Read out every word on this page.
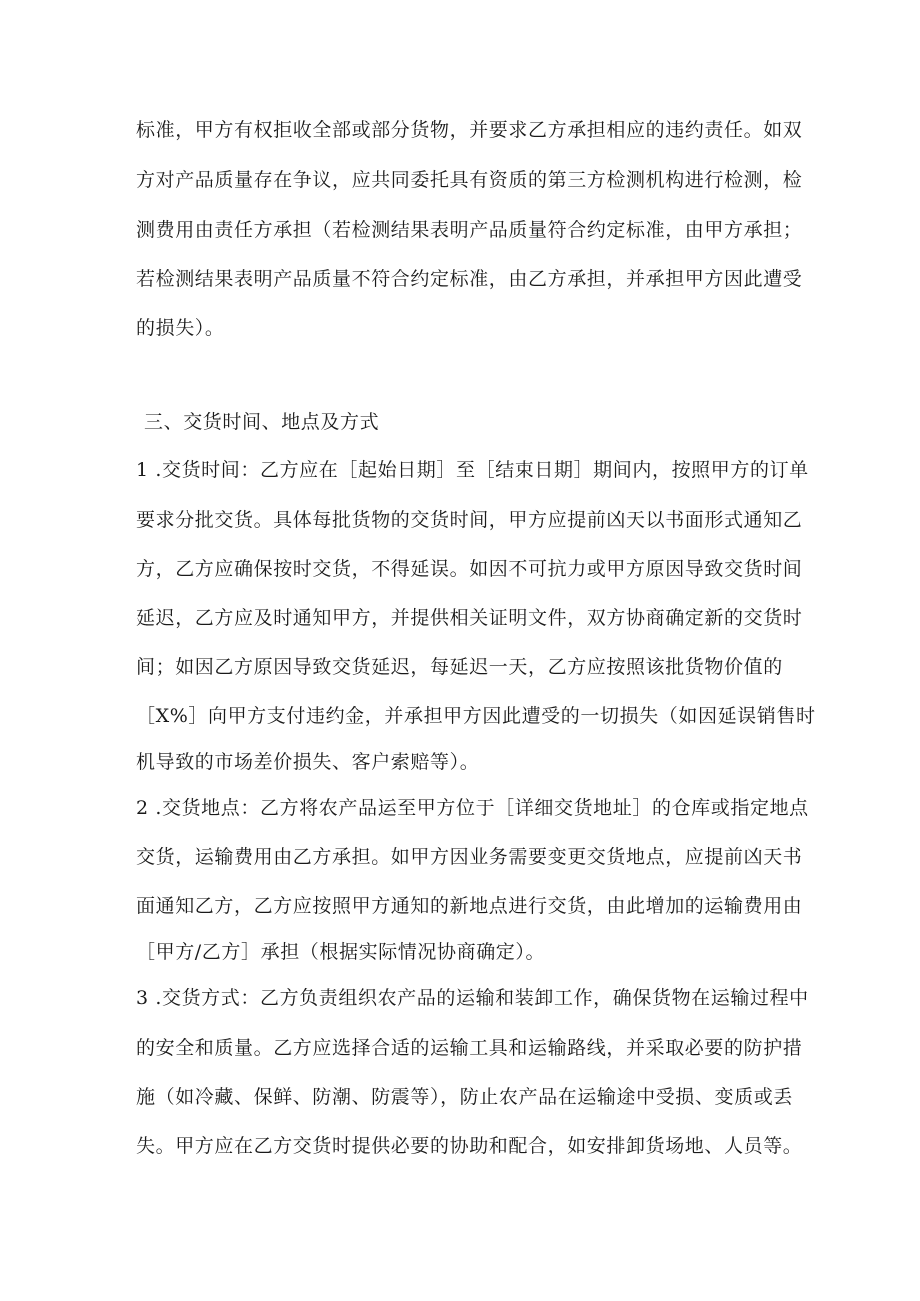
标准，甲方有权拒收全部或部分货物，并要求乙方承担相应的违约责任。如双
方对产品质量存在争议，应共同委托具有资质的第三方检测机构进行检测，检
测费用由责任方承担（若检测结果表明产品质量符合约定标准，由甲方承担；
若检测结果表明产品质量不符合约定标准，由乙方承担，并承担甲方因此遭受
的损失）。
三、交货时间、地点及方式
1 .交货时间：乙方应在［起始日期］至［结束日期］期间内，按照甲方的订单
要求分批交货。具体每批货物的交货时间，甲方应提前凶天以书面形式通知乙
方，乙方应确保按时交货，不得延误。如因不可抗力或甲方原因导致交货时间
延迟，乙方应及时通知甲方，并提供相关证明文件，双方协商确定新的交货时
间；如因乙方原因导致交货延迟，每延迟一天，乙方应按照该批货物价值的
［X%］向甲方支付违约金，并承担甲方因此遭受的一切损失（如因延误销售时
机导致的市场差价损失、客户索赔等）。
2 .交货地点：乙方将农产品运至甲方位于［详细交货地址］的仓库或指定地点
交货，运输费用由乙方承担。如甲方因业务需要变更交货地点，应提前凶天书
面通知乙方，乙方应按照甲方通知的新地点进行交货，由此增加的运输费用由
［甲方/乙方］承担（根据实际情况协商确定）。
3 .交货方式：乙方负责组织农产品的运输和装卸工作，确保货物在运输过程中
的安全和质量。乙方应选择合适的运输工具和运输路线，并采取必要的防护措
施（如冷藏、保鲜、防潮、防震等），防止农产品在运输途中受损、变质或丢
失。甲方应在乙方交货时提供必要的协助和配合，如安排卸货场地、人员等。
